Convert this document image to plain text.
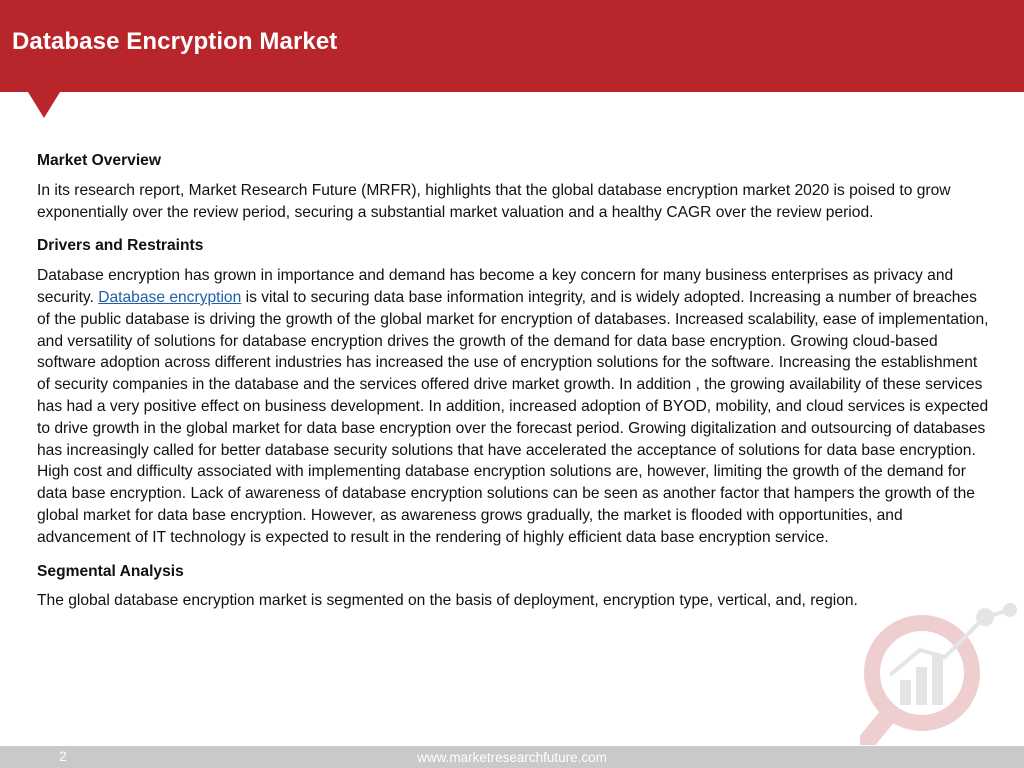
Database Encryption Market
Market Overview

In its research report, Market Research Future (MRFR), highlights that the global database encryption market 2020 is poised to grow exponentially over the review period, securing a substantial market valuation and a healthy CAGR over the review period.

Drivers and Restraints

Database encryption has grown in importance and demand has become a key concern for many business enterprises as privacy and security. Database encryption is vital to securing data base information integrity, and is widely adopted. Increasing a number of breaches of the public database is driving the growth of the global market for encryption of databases. Increased scalability, ease of implementation, and versatility of solutions for database encryption drives the growth of the demand for data base encryption. Growing cloud-based software adoption across different industries has increased the use of encryption solutions for the software. Increasing the establishment of security companies in the database and the services offered drive market growth. In addition , the growing availability of these services has had a very positive effect on business development. In addition, increased adoption of BYOD, mobility, and cloud services is expected to drive growth in the global market for data base encryption over the forecast period. Growing digitalization and outsourcing of databases has increasingly called for better database security solutions that have accelerated the acceptance of solutions for data base encryption. High cost and difficulty associated with implementing database encryption solutions are, however, limiting the growth of the demand for data base encryption. Lack of awareness of database encryption solutions can be seen as another factor that hampers the growth of the global market for data base encryption. However, as awareness grows gradually, the market is flooded with opportunities, and advancement of IT technology is expected to result in the rendering of highly efficient data base encryption service.

Segmental Analysis

The global database encryption market is segmented on the basis of deployment, encryption type, vertical, and, region.

2	www.marketresearchfuture.com
